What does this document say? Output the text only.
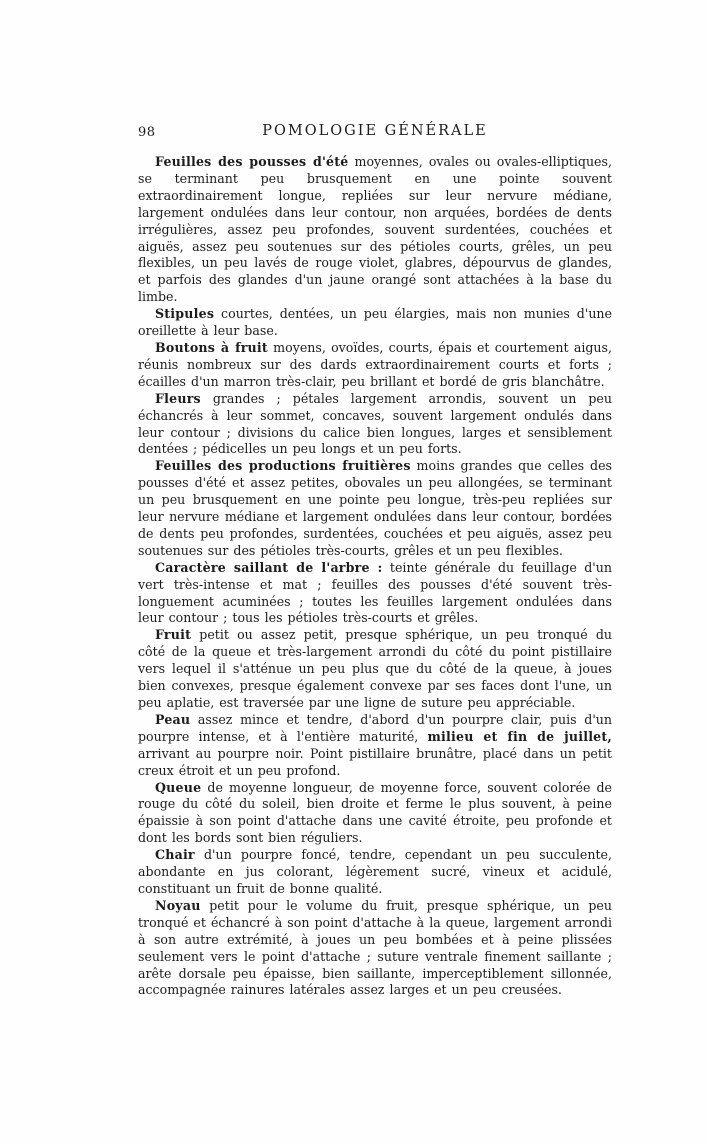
98	POMOLOGIE GÉNÉRALE

Feuilles des pousses d'été moyennes, ovales ou ovales-elliptiques, se terminant peu brusquement en une pointe souvent extraordinairement longue, repliées sur leur nervure médiane, largement ondulées dans leur contour, non arquées, bordées de dents irrégulières, assez peu profondes, souvent surdentées, couchées et aiguës, assez peu soutenues sur des pétioles courts, grêles, un peu flexibles, un peu lavés de rouge violet, glabres, dépourvus de glandes, et parfois des glandes d'un jaune orangé sont attachées à la base du limbe.

Stipules courtes, dentées, un peu élargies, mais non munies d'une oreillette à leur base.

Boutons à fruit moyens, ovoïdes, courts, épais et courtement aigus, réunis nombreux sur des dards extraordinairement courts et forts ; écailles d'un marron très-clair, peu brillant et bordé de gris blanchâtre.

Fleurs grandes ; pétales largement arrondis, souvent un peu échancrés à leur sommet, concaves, souvent largement ondulés dans leur contour ; divisions du calice bien longues, larges et sensiblement dentées ; pédicelles un peu longs et un peu forts.

Feuilles des productions fruitières moins grandes que celles des pousses d'été et assez petites, obovales un peu allongées, se terminant un peu brusquement en une pointe peu longue, très-peu repliées sur leur nervure médiane et largement ondulées dans leur contour, bordées de dents peu profondes, surdentées, couchées et peu aiguës, assez peu soutenues sur des pétioles très-courts, grêles et un peu flexibles.

Caractère saillant de l'arbre : teinte générale du feuillage d'un vert très-intense et mat ; feuilles des pousses d'été souvent très-longuement acuminées ; toutes les feuilles largement ondulées dans leur contour ; tous les pétioles très-courts et grêles.

Fruit petit ou assez petit, presque sphérique, un peu tronqué du côté de la queue et très-largement arrondi du côté du point pistillaire vers lequel il s'atténue un peu plus que du côté de la queue, à joues bien convexes, presque également convexe par ses faces dont l'une, un peu aplatie, est traversée par une ligne de suture peu appréciable.

Peau assez mince et tendre, d'abord d'un pourpre clair, puis d'un pourpre intense, et à l'entière maturité, milieu et fin de juillet, arrivant au pourpre noir. Point pistillaire brunâtre, placé dans un petit creux étroit et un peu profond.

Queue de moyenne longueur, de moyenne force, souvent colorée de rouge du côté du soleil, bien droite et ferme le plus souvent, à peine épaissie à son point d'attache dans une cavité étroite, peu profonde et dont les bords sont bien réguliers.

Chair d'un pourpre foncé, tendre, cependant un peu succulente, abondante en jus colorant, légèrement sucré, vineux et acidulé, constituant un fruit de bonne qualité.

Noyau petit pour le volume du fruit, presque sphérique, un peu tronqué et échancré à son point d'attache à la queue, largement arrondi à son autre extrémité, à joues un peu bombées et à peine plissées seulement vers le point d'attache ; suture ventrale finement saillante ; arête dorsale peu épaisse, bien saillante, imperceptiblement sillonnée, accompagnée rainures latérales assez larges et un peu creusées.
